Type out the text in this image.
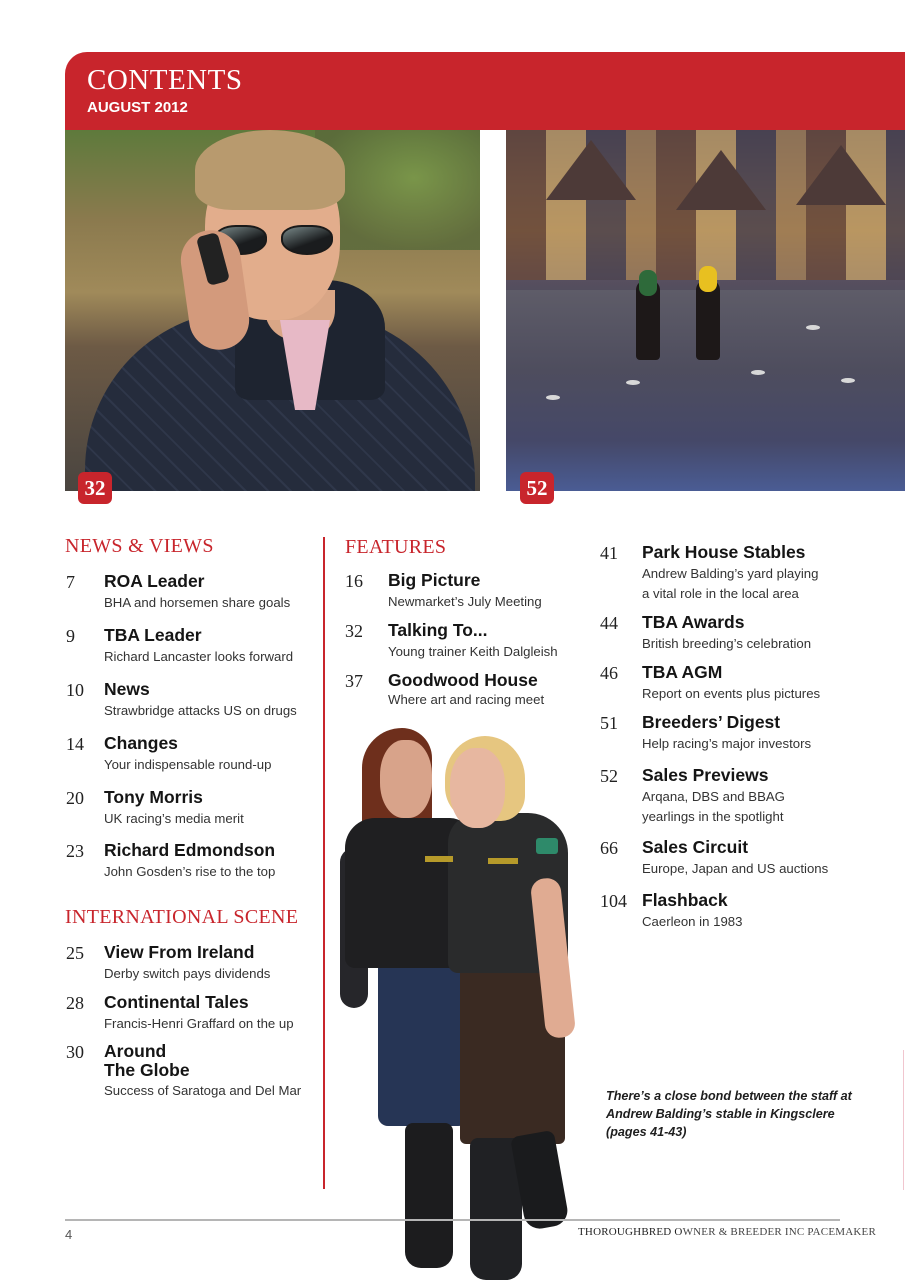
CONTENTS
AUGUST 2012
32	52
NEWS & VIEWS
7 ROA Leader
BHA and horsemen share goals
9 TBA Leader
Richard Lancaster looks forward
10 News
Strawbridge attacks US on drugs
14 Changes
Your indispensable round-up
20 Tony Morris
UK racing’s media merit
23 Richard Edmondson
John Gosden’s rise to the top
INTERNATIONAL SCENE
25 View From Ireland
Derby switch pays dividends
28 Continental Tales
Francis-Henri Graffard on the up
30 Around
The Globe
Success of Saratoga and Del Mar
FEATURES
16 Big Picture
Newmarket’s July Meeting
32 Talking To...
Young trainer Keith Dalgleish
37 Goodwood House
Where art and racing meet
41 Park House Stables
Andrew Balding’s yard playing
a vital role in the local area
44 TBA Awards
British breeding’s celebration
46 TBA AGM
Report on events plus pictures
51 Breeders’ Digest
Help racing’s major investors
52 Sales Previews
Arqana, DBS and BBAG
yearlings in the spotlight
66 Sales Circuit
Europe, Japan and US auctions
104 Flashback
Caerleon in 1983
There’s a close bond between the staff at Andrew Balding’s stable in Kingsclere (pages 41-43)
4	THOROUGHBRED OWNER & BREEDER INC PACEMAKER
